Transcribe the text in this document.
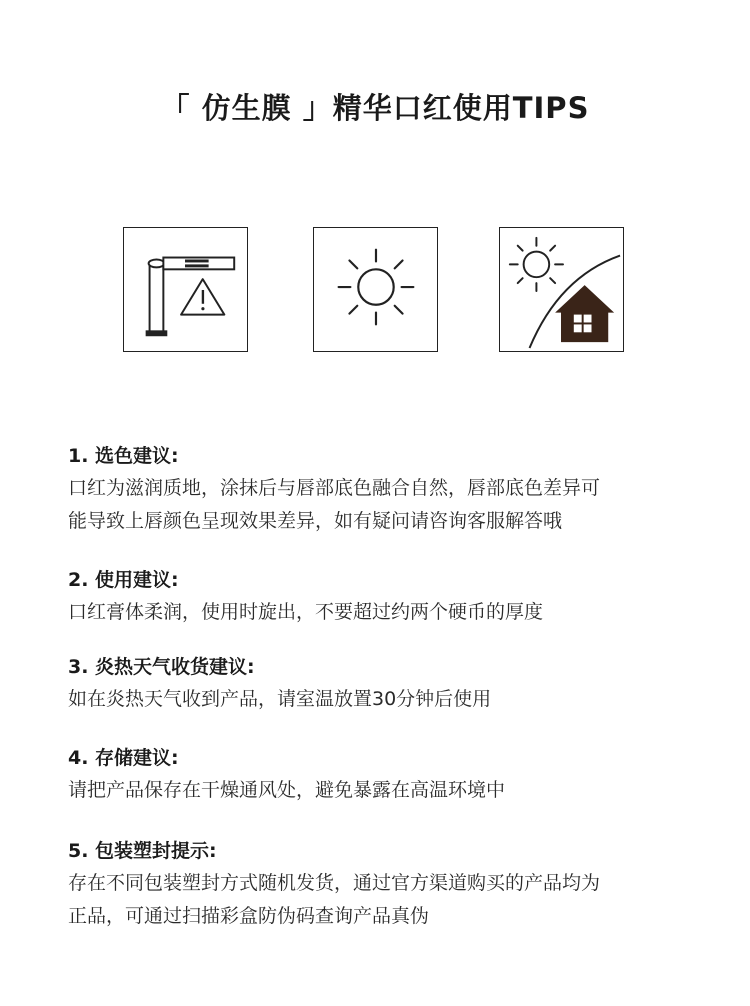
「 仿生膜 」精华口红使用TIPS
1. 选色建议:
口红为滋润质地，涂抹后与唇部底色融合自然，唇部底色差异可
能导致上唇颜色呈现效果差异，如有疑问请咨询客服解答哦
2. 使用建议:
口红膏体柔润，使用时旋出，不要超过约两个硬币的厚度
3. 炎热天气收货建议:
如在炎热天气收到产品，请室温放置30分钟后使用
4. 存储建议:
请把产品保存在干燥通风处，避免暴露在高温环境中
5. 包装塑封提示:
存在不同包装塑封方式随机发货，通过官方渠道购买的产品均为
正品，可通过扫描彩盒防伪码查询产品真伪
